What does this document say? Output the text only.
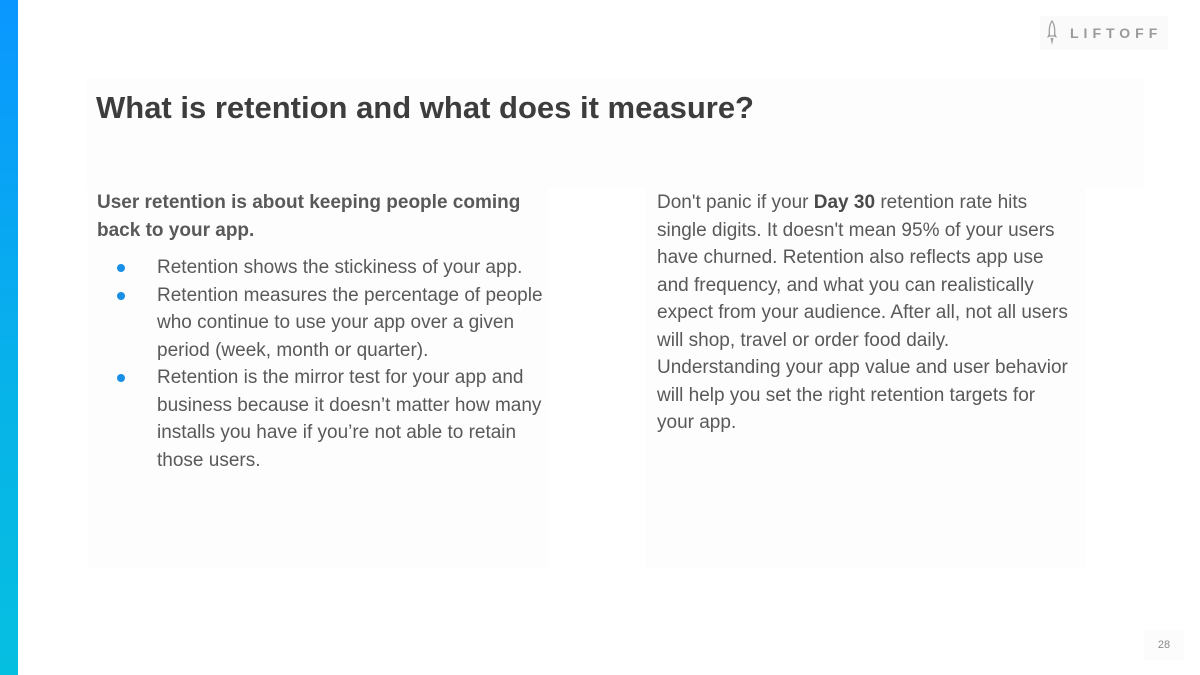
LIFTOFF
What is retention and what does it measure?

User retention is about keeping people coming back to your app.

Retention shows the stickiness of your app.
Retention measures the percentage of people who continue to use your app over a given period (week, month or quarter).
Retention is the mirror test for your app and business because it doesn’t matter how many installs you have if you’re not able to retain those users.

Don't panic if your Day 30 retention rate hits single digits. It doesn't mean 95% of your users have churned. Retention also reflects app use and frequency, and what you can realistically expect from your audience. After all, not all users will shop, travel or order food daily. Understanding your app value and user behavior will help you set the right retention targets for your app.

28
